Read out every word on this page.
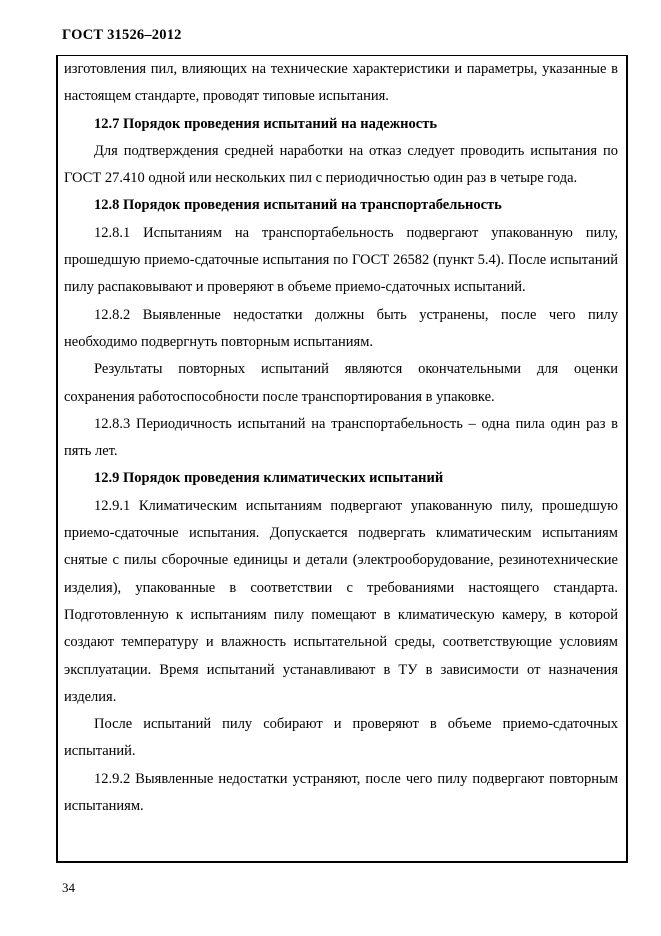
ГОСТ 31526–2012

изготовления пил, влияющих на технические характеристики и параметры, указанные в настоящем стандарте, проводят типовые испытания.

12.7 Порядок проведения испытаний на надежность

Для подтверждения средней наработки на отказ следует проводить испытания по ГОСТ 27.410 одной или нескольких пил с периодичностью один раз в четыре года.

12.8 Порядок проведения испытаний на транспортабельность

12.8.1 Испытаниям на транспортабельность подвергают упакованную пилу, прошедшую приемо-сдаточные испытания по ГОСТ 26582 (пункт 5.4). После испытаний пилу распаковывают и проверяют в объеме приемо-сдаточных испытаний.

12.8.2 Выявленные недостатки должны быть устранены, после чего пилу необходимо подвергнуть повторным испытаниям.

Результаты повторных испытаний являются окончательными для оценки сохранения работоспособности после транспортирования в упаковке.

12.8.3 Периодичность испытаний на транспортабельность – одна пила один раз в пять лет.

12.9 Порядок проведения климатических испытаний

12.9.1 Климатическим испытаниям подвергают упакованную пилу, прошедшую приемо-сдаточные испытания. Допускается подвергать климатическим испытаниям снятые с пилы сборочные единицы и детали (электрооборудование, резинотехнические изделия), упакованные в соответствии с требованиями настоящего стандарта. Подготовленную к испытаниям пилу помещают в климатическую камеру, в которой создают температуру и влажность испытательной среды, соответствующие условиям эксплуатации. Время испытаний устанавливают в ТУ в зависимости от назначения изделия.

После испытаний пилу собирают и проверяют в объеме приемо-сдаточных испытаний.

12.9.2 Выявленные недостатки устраняют, после чего пилу подвергают повторным испытаниям.

34
